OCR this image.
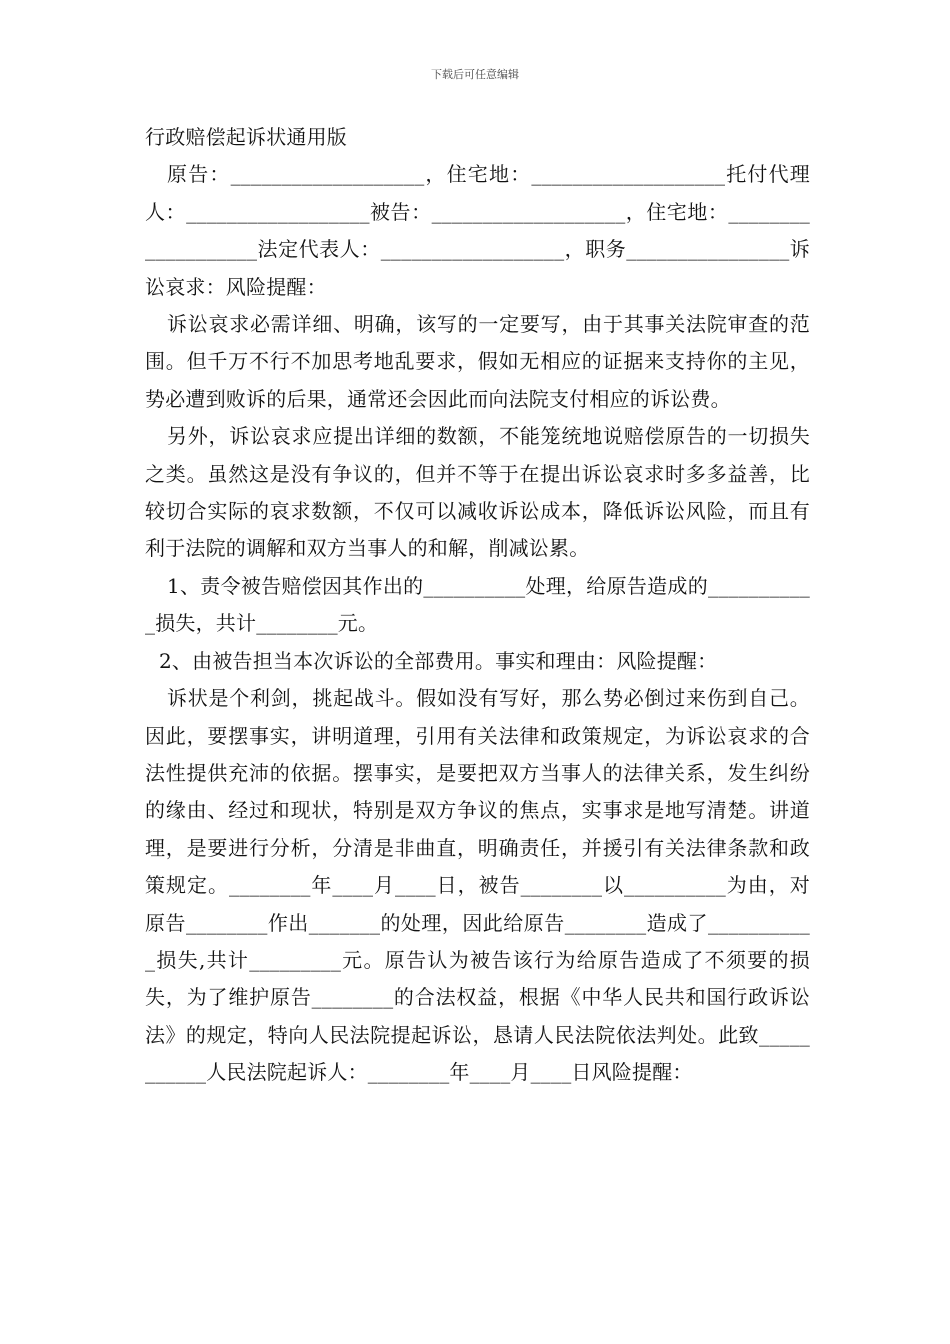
下载后可任意编辑

行政赔偿起诉状通用版

原告：___________________，住宅地：___________________托付代理人：__________________被告：___________________，住宅地：___________________法定代表人：__________________，职务________________诉讼哀求：风险提醒：

诉讼哀求必需详细、明确，该写的一定要写，由于其事关法院审查的范围。但千万不行不加思考地乱要求，假如无相应的证据来支持你的主见，势必遭到败诉的后果，通常还会因此而向法院支付相应的诉讼费。

另外，诉讼哀求应提出详细的数额，不能笼统地说赔偿原告的一切损失之类。虽然这是没有争议的，但并不等于在提出诉讼哀求时多多益善，比较切合实际的哀求数额，不仅可以减收诉讼成本，降低诉讼风险，而且有利于法院的调解和双方当事人的和解，削减讼累。

1、责令被告赔偿因其作出的__________处理，给原告造成的___________损失，共计________元。

2、由被告担当本次诉讼的全部费用。事实和理由：风险提醒：

诉状是个利剑，挑起战斗。假如没有写好，那么势必倒过来伤到自己。因此，要摆事实，讲明道理，引用有关法律和政策规定，为诉讼哀求的合法性提供充沛的依据。摆事实，是要把双方当事人的法律关系，发生纠纷的缘由、经过和现状，特别是双方争议的焦点，实事求是地写清楚。讲道理，是要进行分析，分清是非曲直，明确责任，并援引有关法律条款和政策规定。________年____月____日，被告________以__________为由，对原告________作出_______的处理，因此给原告________造成了___________损失,共计_________元。原告认为被告该行为给原告造成了不须要的损失，为了维护原告________的合法权益，根据《中华人民共和国行政诉讼法》的规定，特向人民法院提起诉讼，恳请人民法院依法判处。此致___________人民法院起诉人：________年____月____日风险提醒：
